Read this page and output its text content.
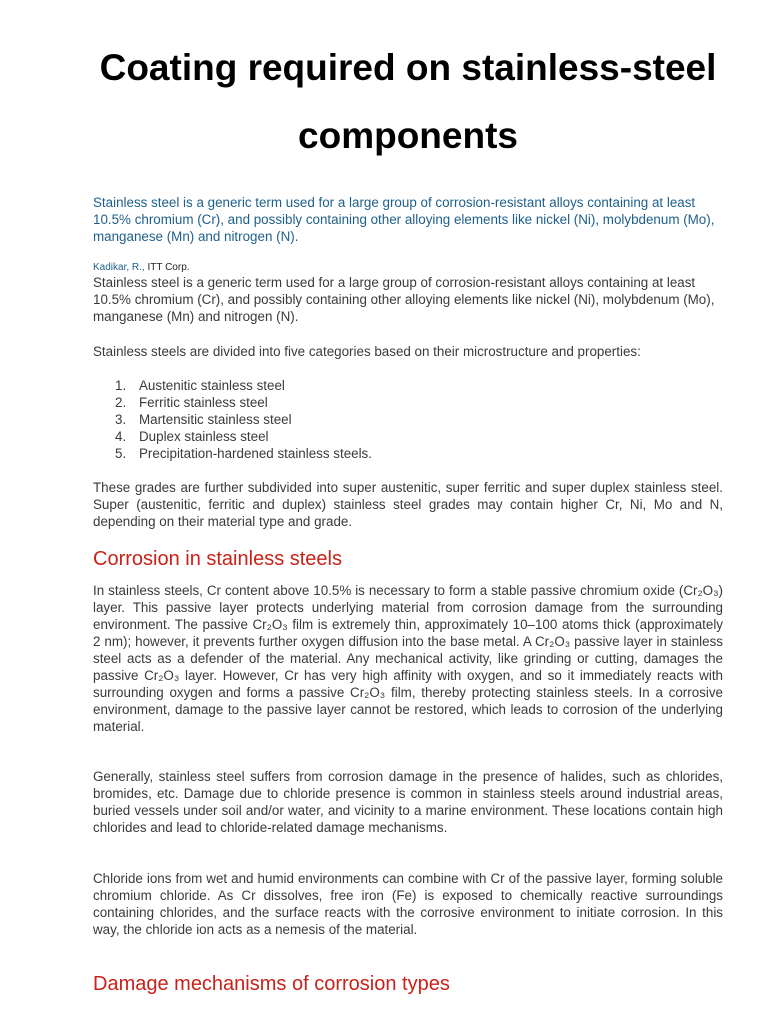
Coating required on stainless-steel components

Stainless steel is a generic term used for a large group of corrosion-resistant alloys containing at least 10.5% chromium (Cr), and possibly containing other alloying elements like nickel (Ni), molybdenum (Mo), manganese (Mn) and nitrogen (N).

Kadikar, R., ITT Corp.

Stainless steel is a generic term used for a large group of corrosion-resistant alloys containing at least 10.5% chromium (Cr), and possibly containing other alloying elements like nickel (Ni), molybdenum (Mo), manganese (Mn) and nitrogen (N).

Stainless steels are divided into five categories based on their microstructure and properties:

1. Austenitic stainless steel
2. Ferritic stainless steel
3. Martensitic stainless steel
4. Duplex stainless steel
5. Precipitation-hardened stainless steels.

These grades are further subdivided into super austenitic, super ferritic and super duplex stainless steel. Super (austenitic, ferritic and duplex) stainless steel grades may contain higher Cr, Ni, Mo and N, depending on their material type and grade.

Corrosion in stainless steels

In stainless steels, Cr content above 10.5% is necessary to form a stable passive chromium oxide (Cr₂O₃) layer. This passive layer protects underlying material from corrosion damage from the surrounding environment. The passive Cr₂O₃ film is extremely thin, approximately 10–100 atoms thick (approximately 2 nm); however, it prevents further oxygen diffusion into the base metal. A Cr₂O₃ passive layer in stainless steel acts as a defender of the material. Any mechanical activity, like grinding or cutting, damages the passive Cr₂O₃ layer. However, Cr has very high affinity with oxygen, and so it immediately reacts with surrounding oxygen and forms a passive Cr₂O₃ film, thereby protecting stainless steels. In a corrosive environment, damage to the passive layer cannot be restored, which leads to corrosion of the underlying material.

Generally, stainless steel suffers from corrosion damage in the presence of halides, such as chlorides, bromides, etc. Damage due to chloride presence is common in stainless steels around industrial areas, buried vessels under soil and/or water, and vicinity to a marine environment. These locations contain high chlorides and lead to chloride-related damage mechanisms.

Chloride ions from wet and humid environments can combine with Cr of the passive layer, forming soluble chromium chloride. As Cr dissolves, free iron (Fe) is exposed to chemically reactive surroundings containing chlorides, and the surface reacts with the corrosive environment to initiate corrosion. In this way, the chloride ion acts as a nemesis of the material.

Damage mechanisms of corrosion types
